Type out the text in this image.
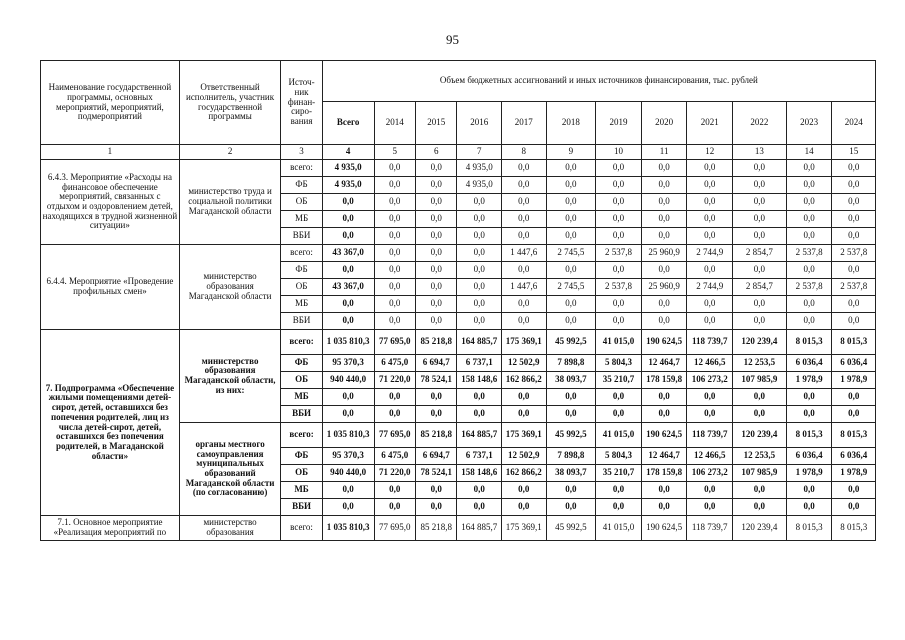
95
Наименование государственной программы, основных мероприятий, мероприятий, подмероприятий	Ответственный исполнитель, участник государственной программы	Источ-ник финан-сиро-вания	Объем бюджетных ассигнований и иных источников финансирования, тыс. рублей											
			Всего	2014	2015	2016	2017	2018	2019	2020	2021	2022	2023	2024
1	2	3	4	5	6	7	8	9	10	11	12	13	14	15
6.4.3. Мероприятие «Расходы на финансовое обеспечение мероприятий, связанных с отдыхом и оздоровлением детей, находящихся в трудной жизненной ситуации»	министерство труда и социальной политики Магаданской области	всего:	4 935,0	0,0	0,0	4 935,0	0,0	0,0	0,0	0,0	0,0	0,0	0,0	0,0
		ФБ	4 935,0	0,0	0,0	4 935,0	0,0	0,0	0,0	0,0	0,0	0,0	0,0	0,0
		ОБ	0,0	0,0	0,0	0,0	0,0	0,0	0,0	0,0	0,0	0,0	0,0	0,0
		МБ	0,0	0,0	0,0	0,0	0,0	0,0	0,0	0,0	0,0	0,0	0,0	0,0
		ВБИ	0,0	0,0	0,0	0,0	0,0	0,0	0,0	0,0	0,0	0,0	0,0	0,0
6.4.4. Мероприятие «Проведение профильных смен»	министерство образования Магаданской области	всего:	43 367,0	0,0	0,0	0,0	1 447,6	2 745,5	2 537,8	25 960,9	2 744,9	2 854,7	2 537,8	2 537,8
		ФБ	0,0	0,0	0,0	0,0	0,0	0,0	0,0	0,0	0,0	0,0	0,0	0,0
		ОБ	43 367,0	0,0	0,0	0,0	1 447,6	2 745,5	2 537,8	25 960,9	2 744,9	2 854,7	2 537,8	2 537,8
		МБ	0,0	0,0	0,0	0,0	0,0	0,0	0,0	0,0	0,0	0,0	0,0	0,0
		ВБИ	0,0	0,0	0,0	0,0	0,0	0,0	0,0	0,0	0,0	0,0	0,0	0,0
7. Подпрограмма «Обеспечение жилыми помещениями детей-сирот, детей, оставшихся без попечения родителей, лиц из числа детей-сирот, детей, оставшихся без попечения родителей, в Магаданской области»	министерство образования Магаданской области, из них:	всего:	1 035 810,3	77 695,0	85 218,8	164 885,7	175 369,1	45 992,5	41 015,0	190 624,5	118 739,7	120 239,4	8 015,3	8 015,3
		ФБ	95 370,3	6 475,0	6 694,7	6 737,1	12 502,9	7 898,8	5 804,3	12 464,7	12 466,5	12 253,5	6 036,4	6 036,4
		ОБ	940 440,0	71 220,0	78 524,1	158 148,6	162 866,2	38 093,7	35 210,7	178 159,8	106 273,2	107 985,9	1 978,9	1 978,9
		МБ	0,0	0,0	0,0	0,0	0,0	0,0	0,0	0,0	0,0	0,0	0,0	0,0
		ВБИ	0,0	0,0	0,0	0,0	0,0	0,0	0,0	0,0	0,0	0,0	0,0	0,0
	органы местного самоуправления муниципальных образований Магаданской области (по согласованию)	всего:	1 035 810,3	77 695,0	85 218,8	164 885,7	175 369,1	45 992,5	41 015,0	190 624,5	118 739,7	120 239,4	8 015,3	8 015,3
		ФБ	95 370,3	6 475,0	6 694,7	6 737,1	12 502,9	7 898,8	5 804,3	12 464,7	12 466,5	12 253,5	6 036,4	6 036,4
		ОБ	940 440,0	71 220,0	78 524,1	158 148,6	162 866,2	38 093,7	35 210,7	178 159,8	106 273,2	107 985,9	1 978,9	1 978,9
		МБ	0,0	0,0	0,0	0,0	0,0	0,0	0,0	0,0	0,0	0,0	0,0	0,0
		ВБИ	0,0	0,0	0,0	0,0	0,0	0,0	0,0	0,0	0,0	0,0	0,0	0,0
7.1. Основное мероприятие «Реализация мероприятий по	министерство образования	всего:	1 035 810,3	77 695,0	85 218,8	164 885,7	175 369,1	45 992,5	41 015,0	190 624,5	118 739,7	120 239,4	8 015,3	8 015,3
